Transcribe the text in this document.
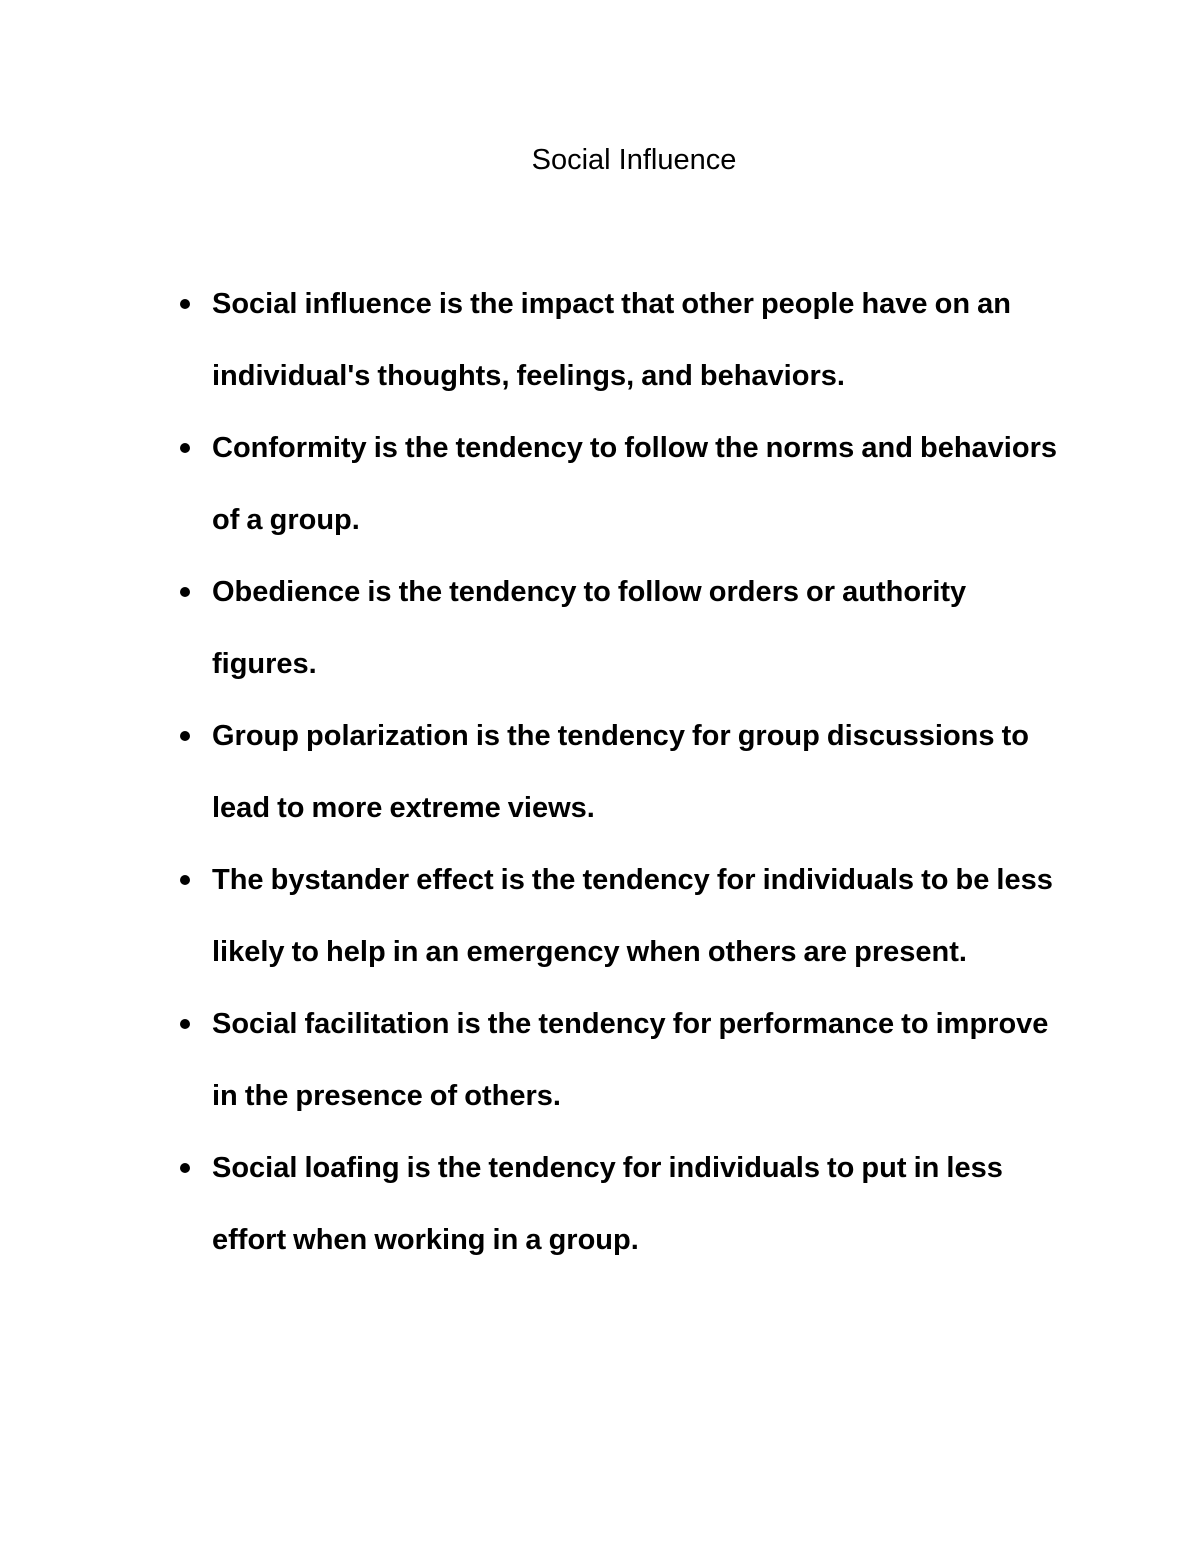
Social Influence
Social influence is the impact that other people have on an individual's thoughts, feelings, and behaviors.
Conformity is the tendency to follow the norms and behaviors of a group.
Obedience is the tendency to follow orders or authority figures.
Group polarization is the tendency for group discussions to lead to more extreme views.
The bystander effect is the tendency for individuals to be less likely to help in an emergency when others are present.
Social facilitation is the tendency for performance to improve in the presence of others.
Social loafing is the tendency for individuals to put in less effort when working in a group.
